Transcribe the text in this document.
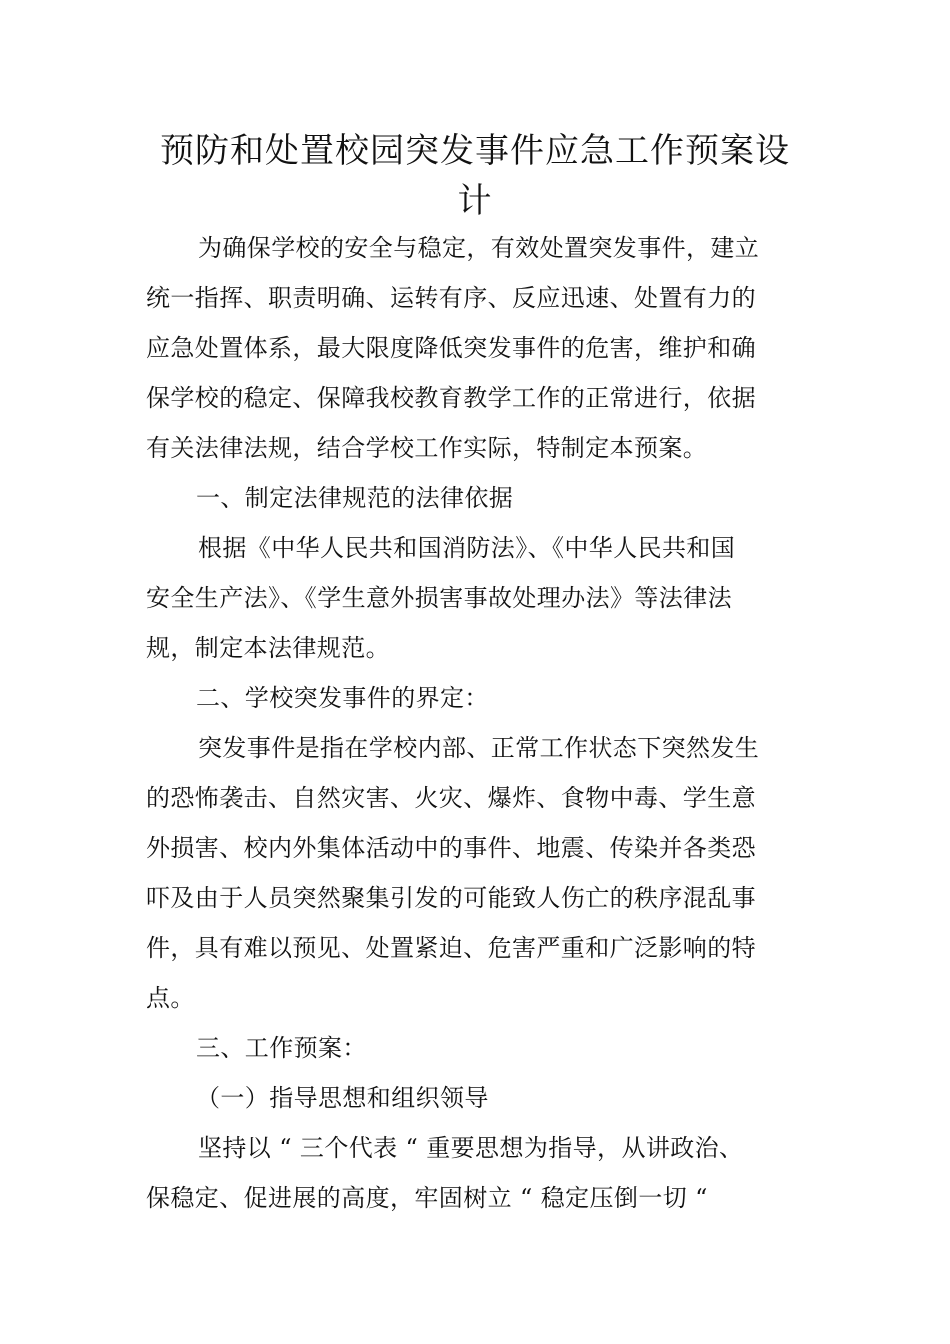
预防和处置校园突发事件应急工作预案设
计
为确保学校的安全与稳定，有效处置突发事件，建立
统一指挥、职责明确、运转有序、反应迅速、处置有力的
应急处置体系，最大限度降低突发事件的危害，维护和确
保学校的稳定、保障我校教育教学工作的正常进行，依据
有关法律法规，结合学校工作实际，特制定本预案。
一、制定法律规范的法律依据
根据《中华人民共和国消防法》、《中华人民共和国
安全生产法》、《学生意外损害事故处理办法》等法律法
规，制定本法律规范。
二、学校突发事件的界定：
突发事件是指在学校内部、正常工作状态下突然发生
的恐怖袭击、自然灾害、火灾、爆炸、食物中毒、学生意
外损害、校内外集体活动中的事件、地震、传染并各类恐
吓及由于人员突然聚集引发的可能致人伤亡的秩序混乱事
件，具有难以预见、处置紧迫、危害严重和广泛影响的特
点。
三、工作预案：
（一）指导思想和组织领导
坚持以 “ 三个代表 “ 重要思想为指导，从讲政治、
保稳定、促进展的高度，牢固树立 “ 稳定压倒一切 “
